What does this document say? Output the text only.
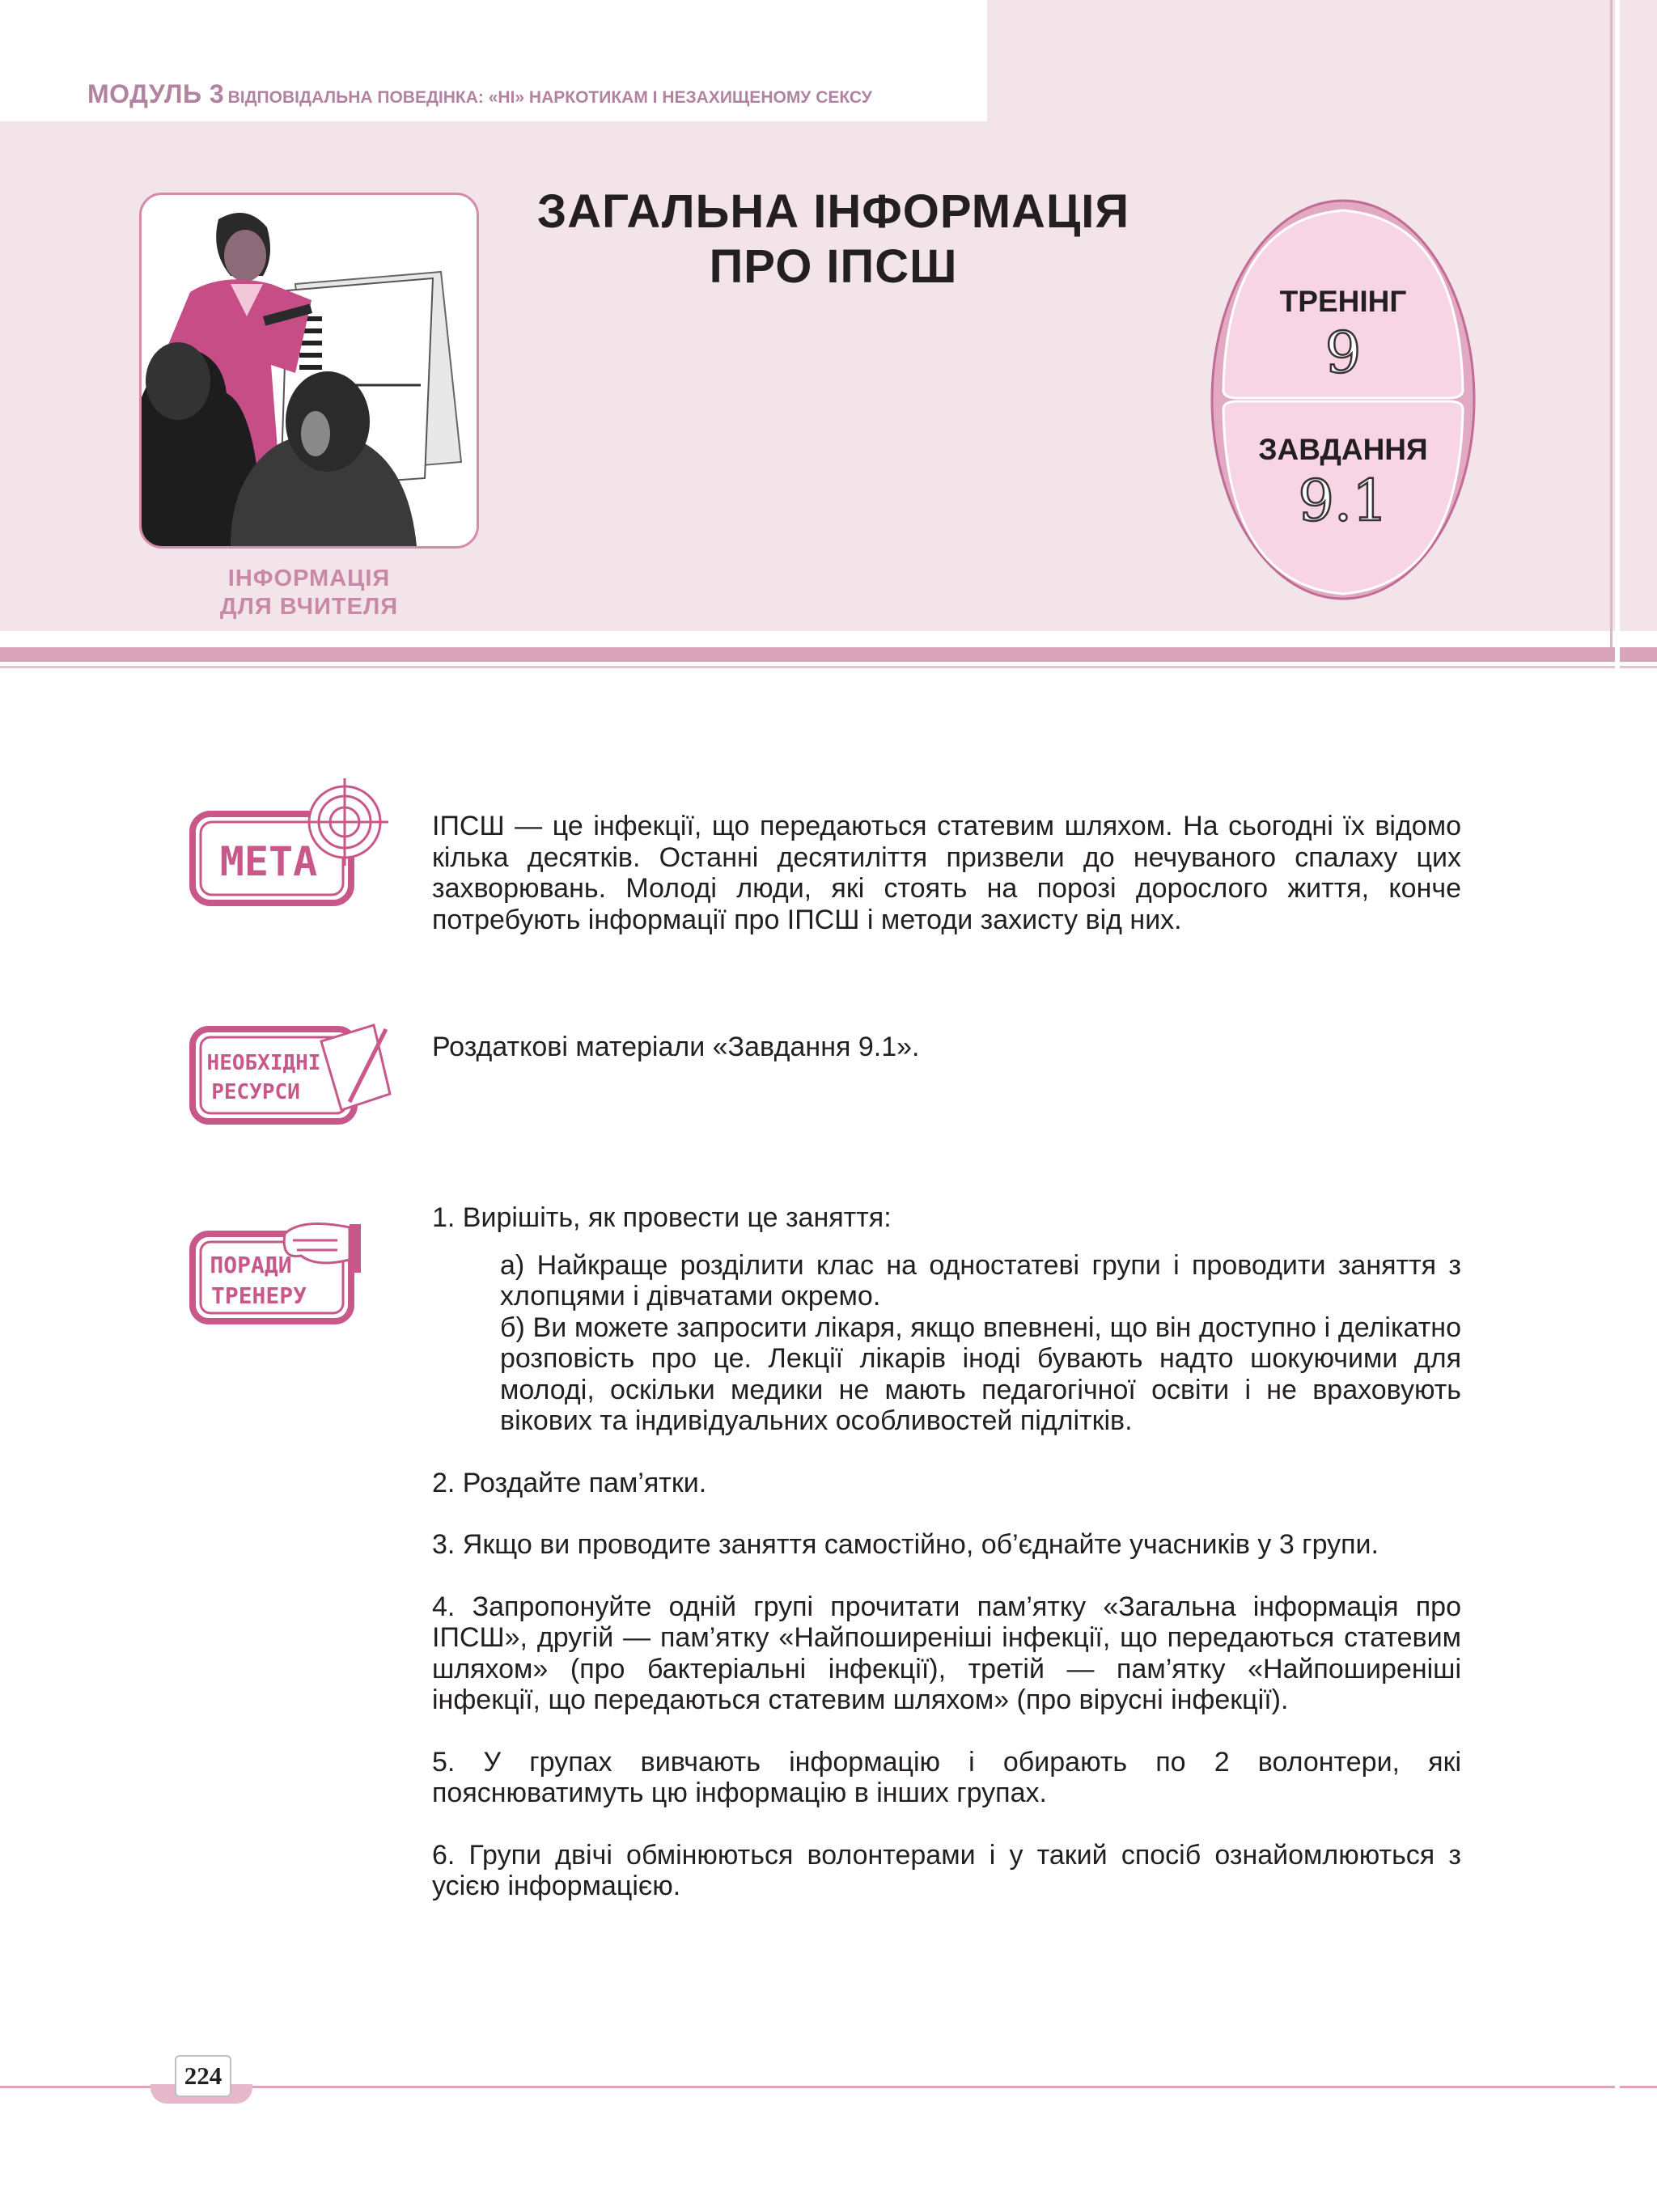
МОДУЛЬ 3 ВІДПОВІДАЛЬНА ПОВЕДІНКА: «НІ» НАРКОТИКАМ І НЕЗАХИЩЕНОМУ СЕКСУ
ІНФОРМАЦІЯ
ДЛЯ ВЧИТЕЛЯ
ЗАГАЛЬНА ІНФОРМАЦІЯ
ПРО ІПСШ
ТРЕНІНГ
9
ЗАВДАННЯ
9.1
МЕТА
ІПСШ — це інфекції, що передаються статевим шляхом. На сьогодні їх відомо кілька десятків. Останні десятиліття призвели до нечуваного спалаху цих захворювань. Молоді люди, які стоять на порозі дорослого життя, конче потребують інформації про ІПСШ і методи захисту від них.
НЕОБХІДНІ
РЕСУРСИ
Роздаткові матеріали «Завдання 9.1».
ПОРАДИ
ТРЕНЕРУ

1. Вирішіть, як провести це заняття:

а) Найкраще розділити клас на одностатеві групи і проводити заняття з хлопцями і дівчатами окремо.

б) Ви можете запросити лікаря, якщо впевнені, що він доступно і делікатно розповість про це. Лекції лікарів іноді бувають надто шокуючими для молоді, оскільки медики не мають педагогічної освіти і не враховують вікових та індивідуальних особливостей підлітків.

2. Роздайте пам’ятки.

3. Якщо ви проводите заняття самостійно, об’єднайте учасників у 3 групи.

4. Запропонуйте одній групі прочитати пам’ятку «Загальна інформація про ІПСШ», другій — пам’ятку «Найпоширеніші інфекції, що передаються статевим шляхом» (про бактеріальні інфекції), третій — пам’ятку «Найпоширеніші інфекції, що передаються статевим шляхом» (про вірусні інфекції).

5. У групах вивчають інформацію і обирають по 2 волонтери, які пояснюватимуть цю інформацію в інших групах.

6. Групи двічі обмінюються волонтерами і у такий спосіб ознайомлюються з усією інформацією.

224
